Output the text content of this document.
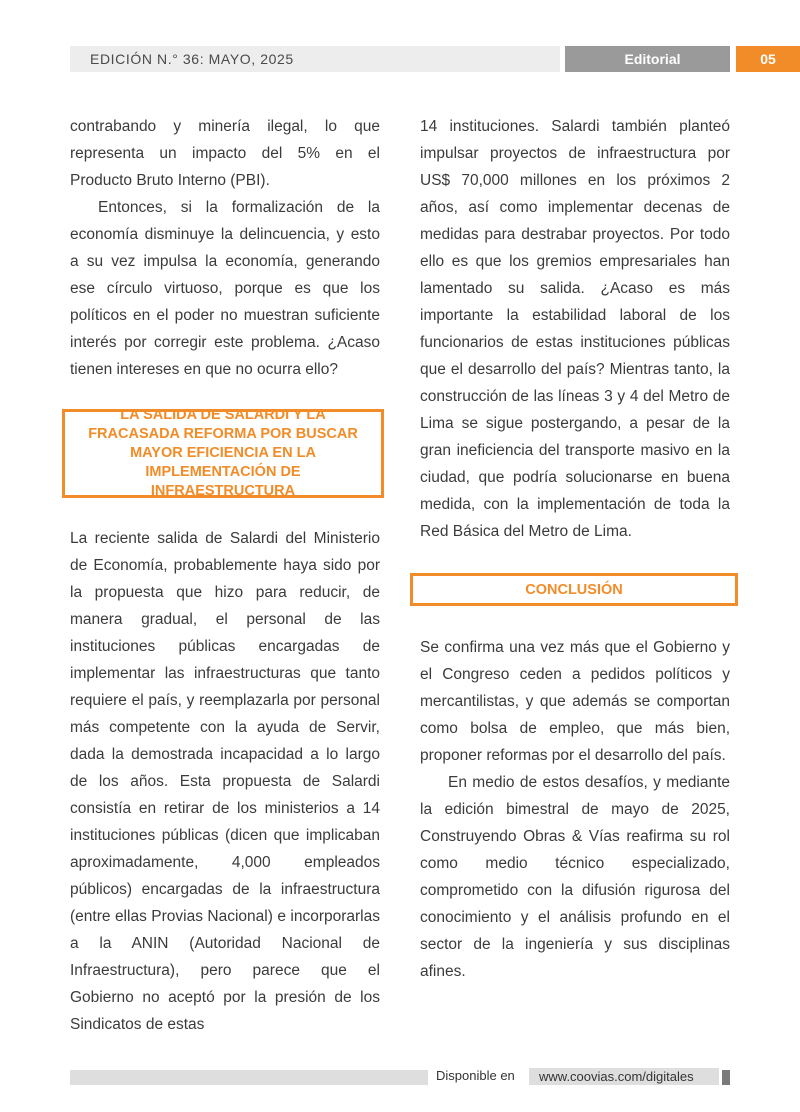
EDICIÓN N.° 36: MAYO, 2025	Editorial	05

contrabando y minería ilegal, lo que representa un impacto del 5% en el Producto Bruto Interno (PBI).

Entonces, si la formalización de la economía disminuye la delincuencia, y esto a su vez impulsa la economía, generando ese círculo virtuoso, porque es que los políticos en el poder no muestran suficiente interés por corregir este problema. ¿Acaso tienen intereses en que no ocurra ello?

LA SALIDA DE SALARDI Y LA FRACASADA REFORMA POR BUSCAR MAYOR EFICIENCIA EN LA IMPLEMENTACIÓN DE INFRAESTRUCTURA

La reciente salida de Salardi del Ministerio de Economía, probablemente haya sido por la propuesta que hizo para reducir, de manera gradual, el personal de las instituciones públicas encargadas de implementar las infraestructuras que tanto requiere el país, y reemplazarla por personal más competente con la ayuda de Servir, dada la demostrada incapacidad a lo largo de los años. Esta propuesta de Salardi consistía en retirar de los ministerios a 14 instituciones públicas (dicen que implicaban aproximadamente, 4,000 empleados públicos) encargadas de la infraestructura (entre ellas Provias Nacional) e incorporarlas a la ANIN (Autoridad Nacional de Infraestructura), pero parece que el Gobierno no aceptó por la presión de los Sindicatos de estas

14 instituciones. Salardi también planteó impulsar proyectos de infraestructura por US$ 70,000 millones en los próximos 2 años, así como implementar decenas de medidas para destrabar proyectos. Por todo ello es que los gremios empresariales han lamentado su salida. ¿Acaso es más importante la estabilidad laboral de los funcionarios de estas instituciones públicas que el desarrollo del país? Mientras tanto, la construcción de las líneas 3 y 4 del Metro de Lima se sigue postergando, a pesar de la gran ineficiencia del transporte masivo en la ciudad, que podría solucionarse en buena medida, con la implementación de toda la Red Básica del Metro de Lima.

CONCLUSIÓN

Se confirma una vez más que el Gobierno y el Congreso ceden a pedidos políticos y mercantilistas, y que además se comportan como bolsa de empleo, que más bien, proponer reformas por el desarrollo del país.

En medio de estos desafíos, y mediante la edición bimestral de mayo de 2025, Construyendo Obras & Vías reafirma su rol como medio técnico especializado, comprometido con la difusión rigurosa del conocimiento y el análisis profundo en el sector de la ingeniería y sus disciplinas afines.

Disponible en	www.coovias.com/digitales
